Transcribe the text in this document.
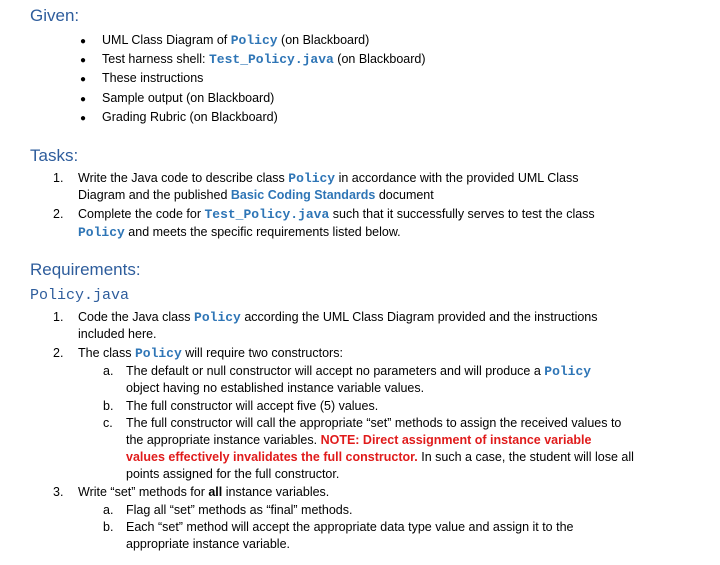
Given:
● UML Class Diagram of Policy (on Blackboard)
● Test harness shell: Test_Policy.java (on Blackboard)
● These instructions
● Sample output (on Blackboard)
● Grading Rubric (on Blackboard)
Tasks:
1. Write the Java code to describe class Policy in accordance with the provided UML Class
Diagram and the published Basic Coding Standards document
2. Complete the code for Test_Policy.java such that it successfully serves to test the class
Policy and meets the specific requirements listed below.
Requirements:
Policy.java
1. Code the Java class Policy according the UML Class Diagram provided and the instructions
included here.
2. The class Policy will require two constructors:
a. The default or null constructor will accept no parameters and will produce a Policy
object having no established instance variable values.
b. The full constructor will accept five (5) values.
c. The full constructor will call the appropriate “set” methods to assign the received values to
the appropriate instance variables. NOTE: Direct assignment of instance variable
values effectively invalidates the full constructor. In such a case, the student will lose all
points assigned for the full constructor.
3. Write “set” methods for all instance variables.
a. Flag all “set” methods as “final” methods.
b. Each “set” method will accept the appropriate data type value and assign it to the
appropriate instance variable.
